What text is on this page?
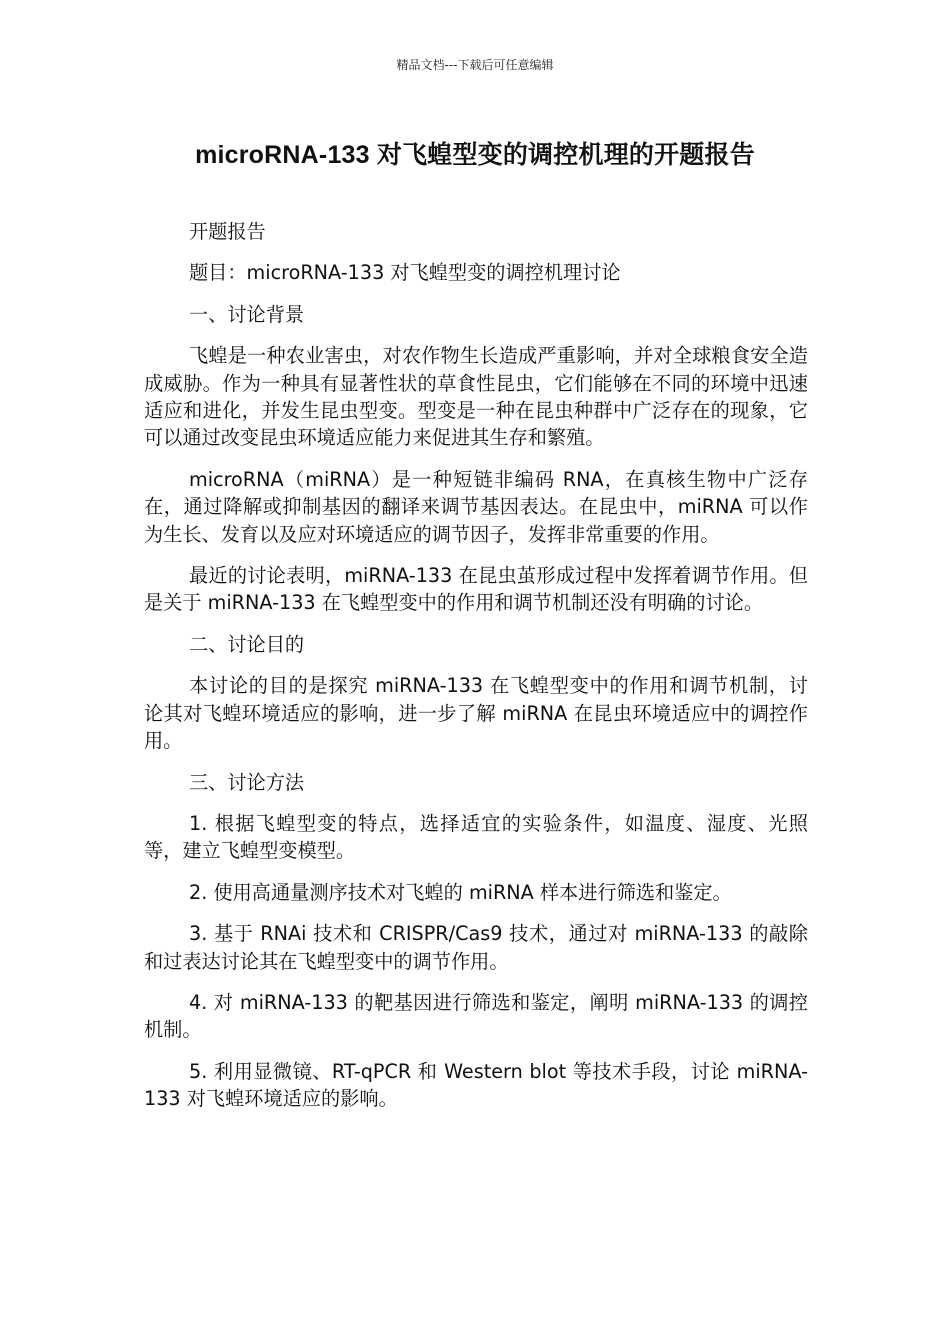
精品文档---下载后可任意编辑
microRNA-133 对飞蝗型变的调控机理的开题报告

开题报告

题目：microRNA-133 对飞蝗型变的调控机理讨论

一、讨论背景

飞蝗是一种农业害虫，对农作物生长造成严重影响，并对全球粮食安全造成威胁。作为一种具有显著性状的草食性昆虫，它们能够在不同的环境中迅速适应和进化，并发生昆虫型变。型变是一种在昆虫种群中广泛存在的现象，它可以通过改变昆虫环境适应能力来促进其生存和繁殖。

microRNA（miRNA）是一种短链非编码 RNA，在真核生物中广泛存在，通过降解或抑制基因的翻译来调节基因表达。在昆虫中，miRNA 可以作为生长、发育以及应对环境适应的调节因子，发挥非常重要的作用。

最近的讨论表明，miRNA-133 在昆虫茧形成过程中发挥着调节作用。但是关于 miRNA-133 在飞蝗型变中的作用和调节机制还没有明确的讨论。

二、讨论目的

本讨论的目的是探究 miRNA-133 在飞蝗型变中的作用和调节机制，讨论其对飞蝗环境适应的影响，进一步了解 miRNA 在昆虫环境适应中的调控作用。

三、讨论方法

1. 根据飞蝗型变的特点，选择适宜的实验条件，如温度、湿度、光照等，建立飞蝗型变模型。

2. 使用高通量测序技术对飞蝗的 miRNA 样本进行筛选和鉴定。

3. 基于 RNAi 技术和 CRISPR/Cas9 技术，通过对 miRNA-133 的敲除和过表达讨论其在飞蝗型变中的调节作用。

4. 对 miRNA-133 的靶基因进行筛选和鉴定，阐明 miRNA-133 的调控机制。

5. 利用显微镜、RT-qPCR 和 Western blot 等技术手段，讨论 miRNA-133 对飞蝗环境适应的影响。
